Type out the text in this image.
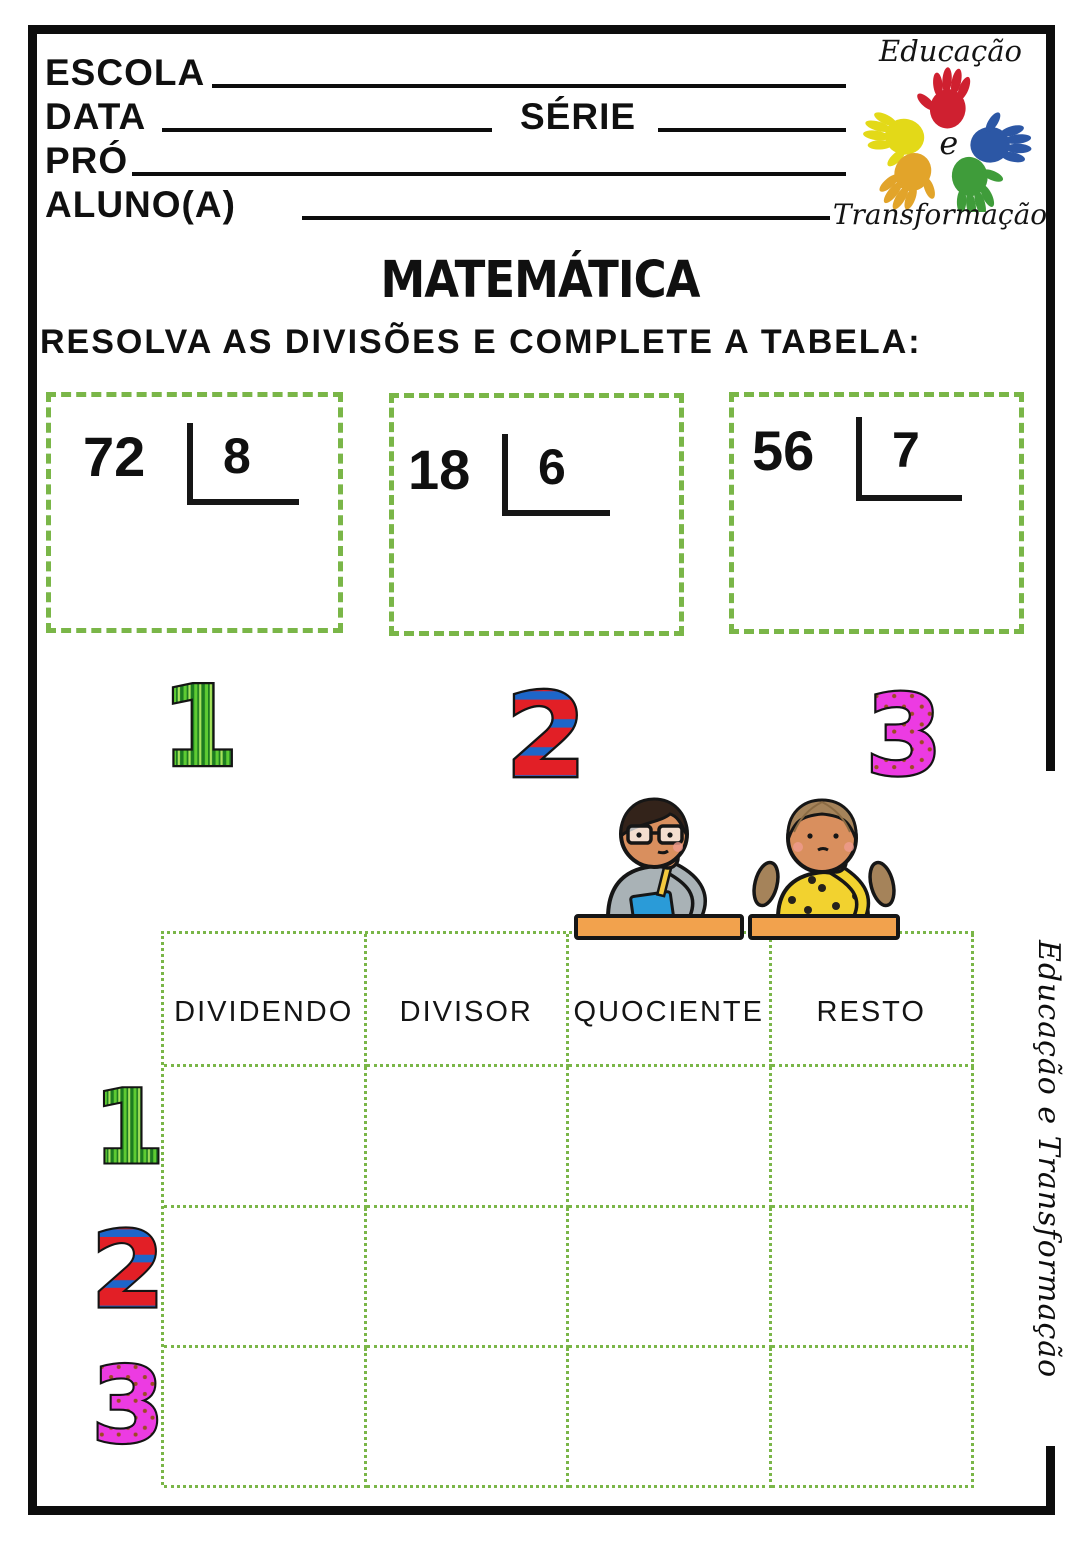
ESCOLA
DATA	SÉRIE
PRÓ
ALUNO(A)
Educação
e
Transformação
MATEMÁTICA
RESOLVA AS DIVISÕES E COMPLETE A TABELA:
72 8	18 6	56 7
1 2 3
DIVIDENDO	DIVISOR	QUOCIENTE	RESTO
1
2
3
Educação e Transformação
